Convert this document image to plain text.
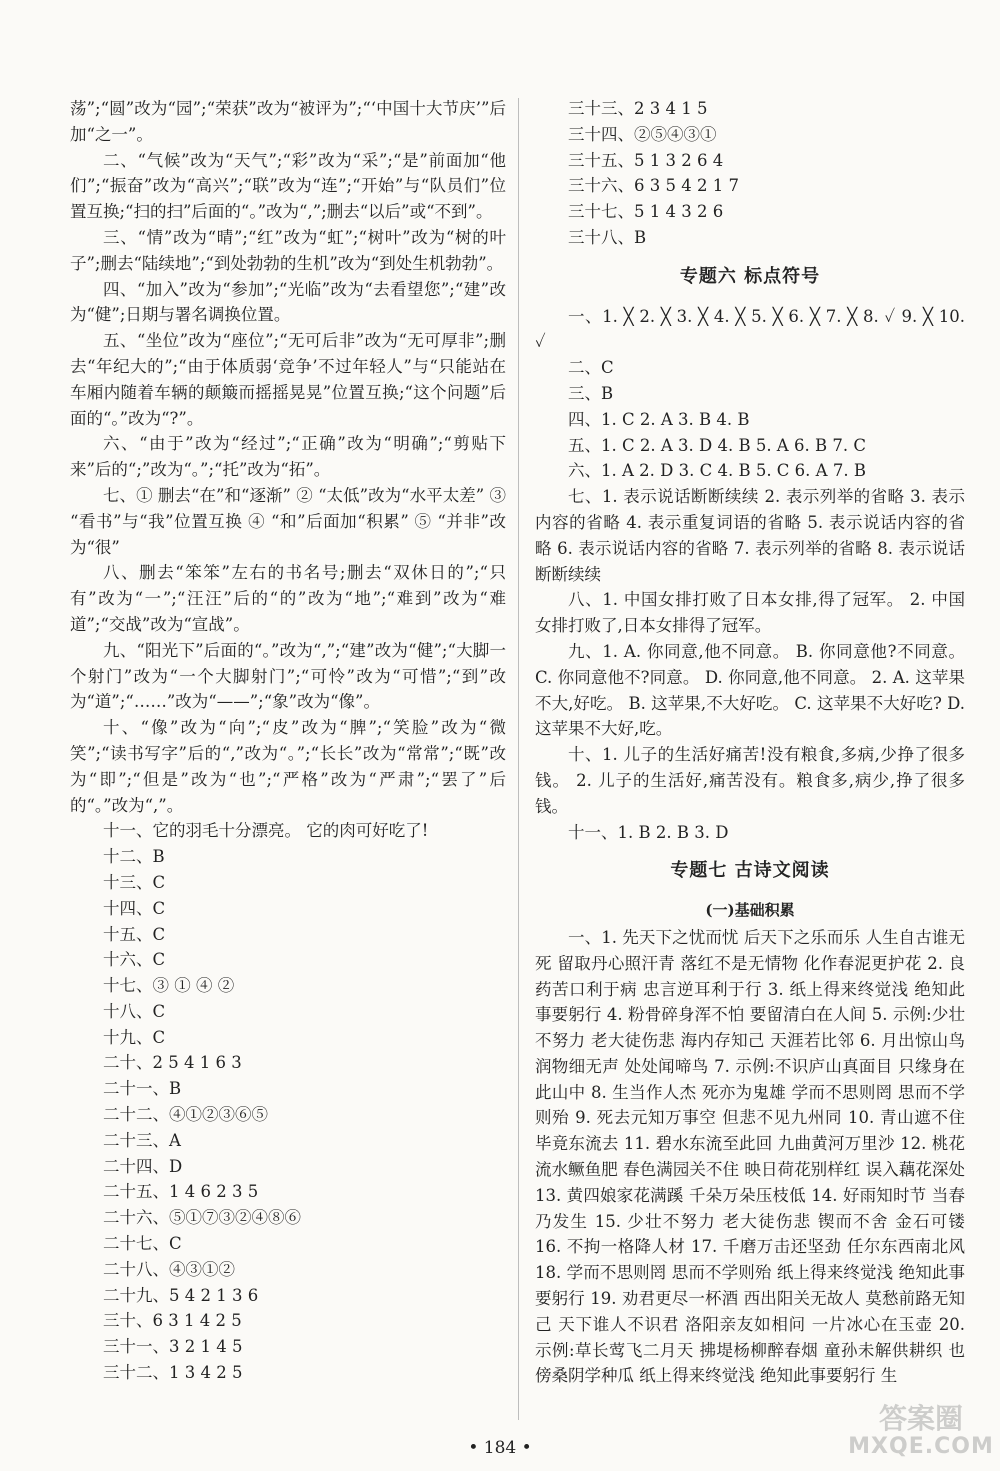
荡”;“圆”改为“园”;“荣获”改为“被评为”;“‘中国十大节庆’”后加“之一”。

二、“气候”改为“天气”;“彩”改为“采”;“是”前面加“他们”;“振奋”改为“高兴”;“联”改为“连”;“开始”与“队员们”位置互换;“扫的扫”后面的“。”改为“,”;删去“以后”或“不到”。

三、“情”改为“晴”;“红”改为“虹”;“树叶”改为“树的叶子”;删去“陆续地”;“到处勃勃的生机”改为“到处生机勃勃”。

四、“加入”改为“参加”;“光临”改为“去看望您”;“建”改为“健”;日期与署名调换位置。

五、“坐位”改为“座位”;“无可后非”改为“无可厚非”;删去“年纪大的”;“由于体质弱‘竞争’不过年轻人”与“只能站在车厢内随着车辆的颠簸而摇摇晃晃”位置互换;“这个问题”后面的“。”改为“?”。

六、“由于”改为“经过”;“正确”改为“明确”;“剪贴下来”后的“;”改为“。”;“托”改为“拓”。

七、① 删去“在”和“逐渐” ② “太低”改为“水平太差” ③ “看书”与“我”位置互换 ④ “和”后面加“积累” ⑤ “并非”改为“很”

八、删去“笨笨”左右的书名号;删去“双休日的”;“只有”改为“一”;“汪汪”后的“的”改为“地”;“难到”改为“难道”;“交战”改为“宣战”。

九、“阳光下”后面的“。”改为“,”;“建”改为“健”;“大脚一个射门”改为“一个大脚射门”;“可怜”改为“可惜”;“到”改为“道”;“……”改为“——”;“象”改为“像”。

十、“像”改为“向”;“皮”改为“脾”;“笑脸”改为“微笑”;“读书写字”后的“,”改为“。”;“长长”改为“常常”;“既”改为“即”;“但是”改为“也”;“严格”改为“严肃”;“罢了”后的“。”改为“,”。

十一、它的羽毛十分漂亮。 它的肉可好吃了!

十二、B

十三、C

十四、C

十五、C

十六、C

十七、③ ① ④ ②

十八、C

十九、C

二十、2 5 4 1 6 3

二十一、B

二十二、④①②③⑥⑤

二十三、A

二十四、D

二十五、1 4 6 2 3 5

二十六、⑤①⑦③②④⑧⑥

二十七、C

二十八、④③①②

二十九、5 4 2 1 3 6

三十、6 3 1 4 2 5

三十一、3 2 1 4 5

三十二、1 3 4 2 5

三十三、2 3 4 1 5

三十四、②⑤④③①

三十五、5 1 3 2 6 4

三十六、6 3 5 4 2 1 7

三十七、5 1 4 3 2 6

三十八、B

专题六 标点符号

一、1. ╳ 2. ╳ 3. ╳ 4. ╳ 5. ╳ 6. ╳ 7. ╳ 8. ✓ 9. ╳ 10. ✓

二、C

三、B

四、1. C 2. A 3. B 4. B

五、1. C 2. A 3. D 4. B 5. A 6. B 7. C

六、1. A 2. D 3. C 4. B 5. C 6. A 7. B

七、1. 表示说话断断续续 2. 表示列举的省略 3. 表示内容的省略 4. 表示重复词语的省略 5. 表示说话内容的省略 6. 表示说话内容的省略 7. 表示列举的省略 8. 表示说话断断续续

八、1. 中国女排打败了日本女排,得了冠军。 2. 中国女排打败了,日本女排得了冠军。

九、1. A. 你同意,他不同意。 B. 你同意他?不同意。 C. 你同意他不?同意。 D. 你同意,他不同意。 2. A. 这苹果不大,好吃。 B. 这苹果,不大好吃。 C. 这苹果不大好吃? D. 这苹果不大好,吃。

十、1. 儿子的生活好痛苦!没有粮食,多病,少挣了很多钱。 2. 儿子的生活好,痛苦没有。粮食多,病少,挣了很多钱。

十一、1. B 2. B 3. D

专题七 古诗文阅读
(一)基础积累

一、1. 先天下之忧而忧 后天下之乐而乐 人生自古谁无死 留取丹心照汗青 落红不是无情物 化作春泥更护花 2. 良药苦口利于病 忠言逆耳利于行 3. 纸上得来终觉浅 绝知此事要躬行 4. 粉骨碎身浑不怕 要留清白在人间 5. 示例:少壮不努力 老大徒伤悲 海内存知己 天涯若比邻 6. 月出惊山鸟 润物细无声 处处闻啼鸟 7. 示例:不识庐山真面目 只缘身在此山中 8. 生当作人杰 死亦为鬼雄 学而不思则罔 思而不学则殆 9. 死去元知万事空 但悲不见九州同 10. 青山遮不住 毕竟东流去 11. 碧水东流至此回 九曲黄河万里沙 12. 桃花流水鳜鱼肥 春色满园关不住 映日荷花别样红 误入藕花深处 13. 黄四娘家花满蹊 千朵万朵压枝低 14. 好雨知时节 当春乃发生 15. 少壮不努力 老大徒伤悲 锲而不舍 金石可镂 16. 不拘一格降人材 17. 千磨万击还坚劲 任尔东西南北风 18. 学而不思则罔 思而不学则殆 纸上得来终觉浅 绝知此事要躬行 19. 劝君更尽一杯酒 西出阳关无故人 莫愁前路无知己 天下谁人不识君 洛阳亲友如相问 一片冰心在玉壶 20. 示例:草长莺飞二月天 拂堤杨柳醉春烟 童孙未解供耕织 也傍桑阴学种瓜 纸上得来终觉浅 绝知此事要躬行 生

• 184 •
答案圈
MXQE.COM
